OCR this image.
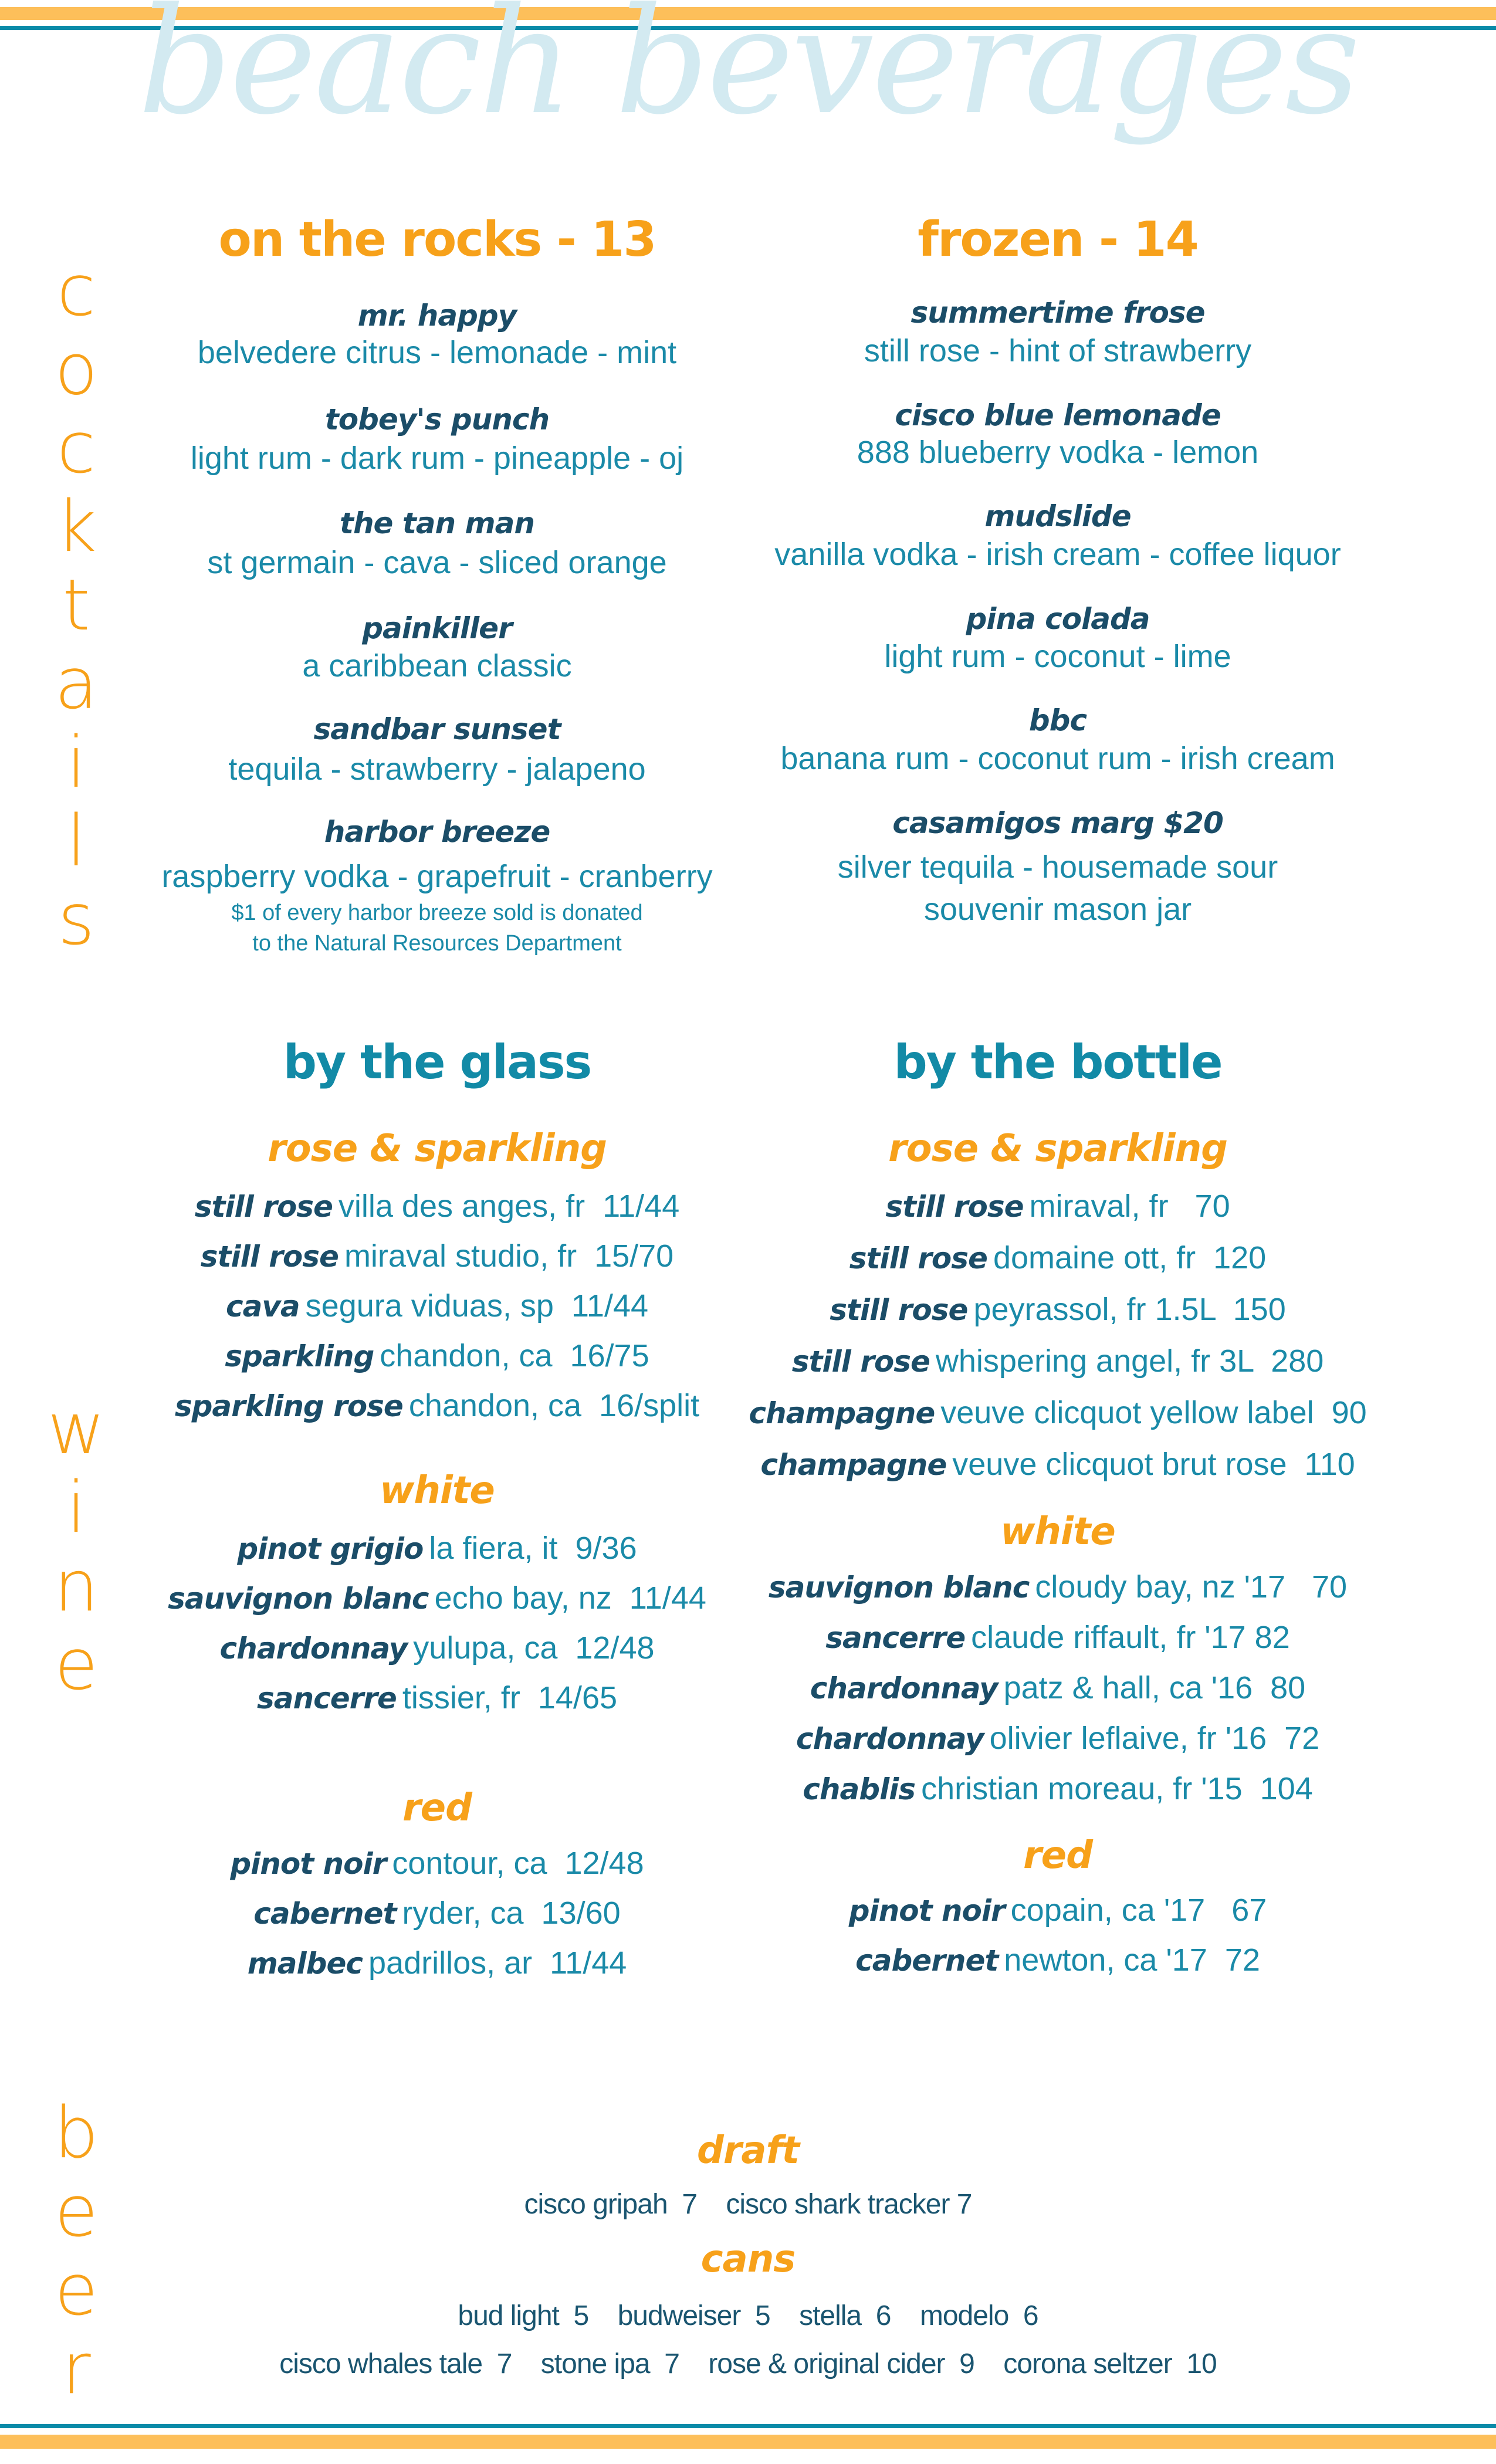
beach beverages
c
o
c
k
t
a
i
l
s
w
i
n
e
b
e
e
r
on the rocks - 13
mr. happy
belvedere citrus - lemonade - mint
tobey's punch
light rum - dark rum - pineapple - oj
the tan man
st germain - cava - sliced orange
painkiller
a caribbean classic
sandbar sunset
tequila - strawberry - jalapeno
harbor breeze
raspberry vodka - grapefruit - cranberry
$1 of every harbor breeze sold is donated
to the Natural Resources Department
frozen - 14
summertime frose
still rose - hint of strawberry
cisco blue lemonade
888 blueberry vodka - lemon
mudslide
vanilla vodka - irish cream - coffee liquor
pina colada
light rum - coconut - lime
bbc
banana rum - coconut rum - irish cream
casamigos marg $20
silver tequila - housemade sour
souvenir mason jar
by the glass
rose & sparkling
still rose villa des anges, fr  11/44
still rose miraval studio, fr  15/70
cava segura viduas, sp  11/44
sparkling chandon, ca  16/75
sparkling rose chandon, ca  16/split
white
pinot grigio la fiera, it  9/36
sauvignon blanc echo bay, nz  11/44
chardonnay yulupa, ca  12/48
sancerre tissier, fr  14/65
red
pinot noir contour, ca  12/48
cabernet ryder, ca  13/60
malbec padrillos, ar  11/44
by the bottle
rose & sparkling
still rose miraval, fr   70
still rose domaine ott, fr  120
still rose peyrassol, fr 1.5L  150
still rose whispering angel, fr 3L  280
champagne veuve clicquot yellow label  90
champagne veuve clicquot brut rose  110
white
sauvignon blanc cloudy bay, nz '17   70
sancerre claude riffault, fr '17 82
chardonnay patz & hall, ca '16  80
chardonnay olivier leflaive, fr '16  72
chablis christian moreau, fr '15  104
red
pinot noir copain, ca '17   67
cabernet newton, ca '17  72
draft
cisco gripah  7    cisco shark tracker 7
cans
bud light  5    budweiser  5    stella  6    modelo  6
cisco whales tale  7    stone ipa  7    rose & original cider  9    corona seltzer  10
